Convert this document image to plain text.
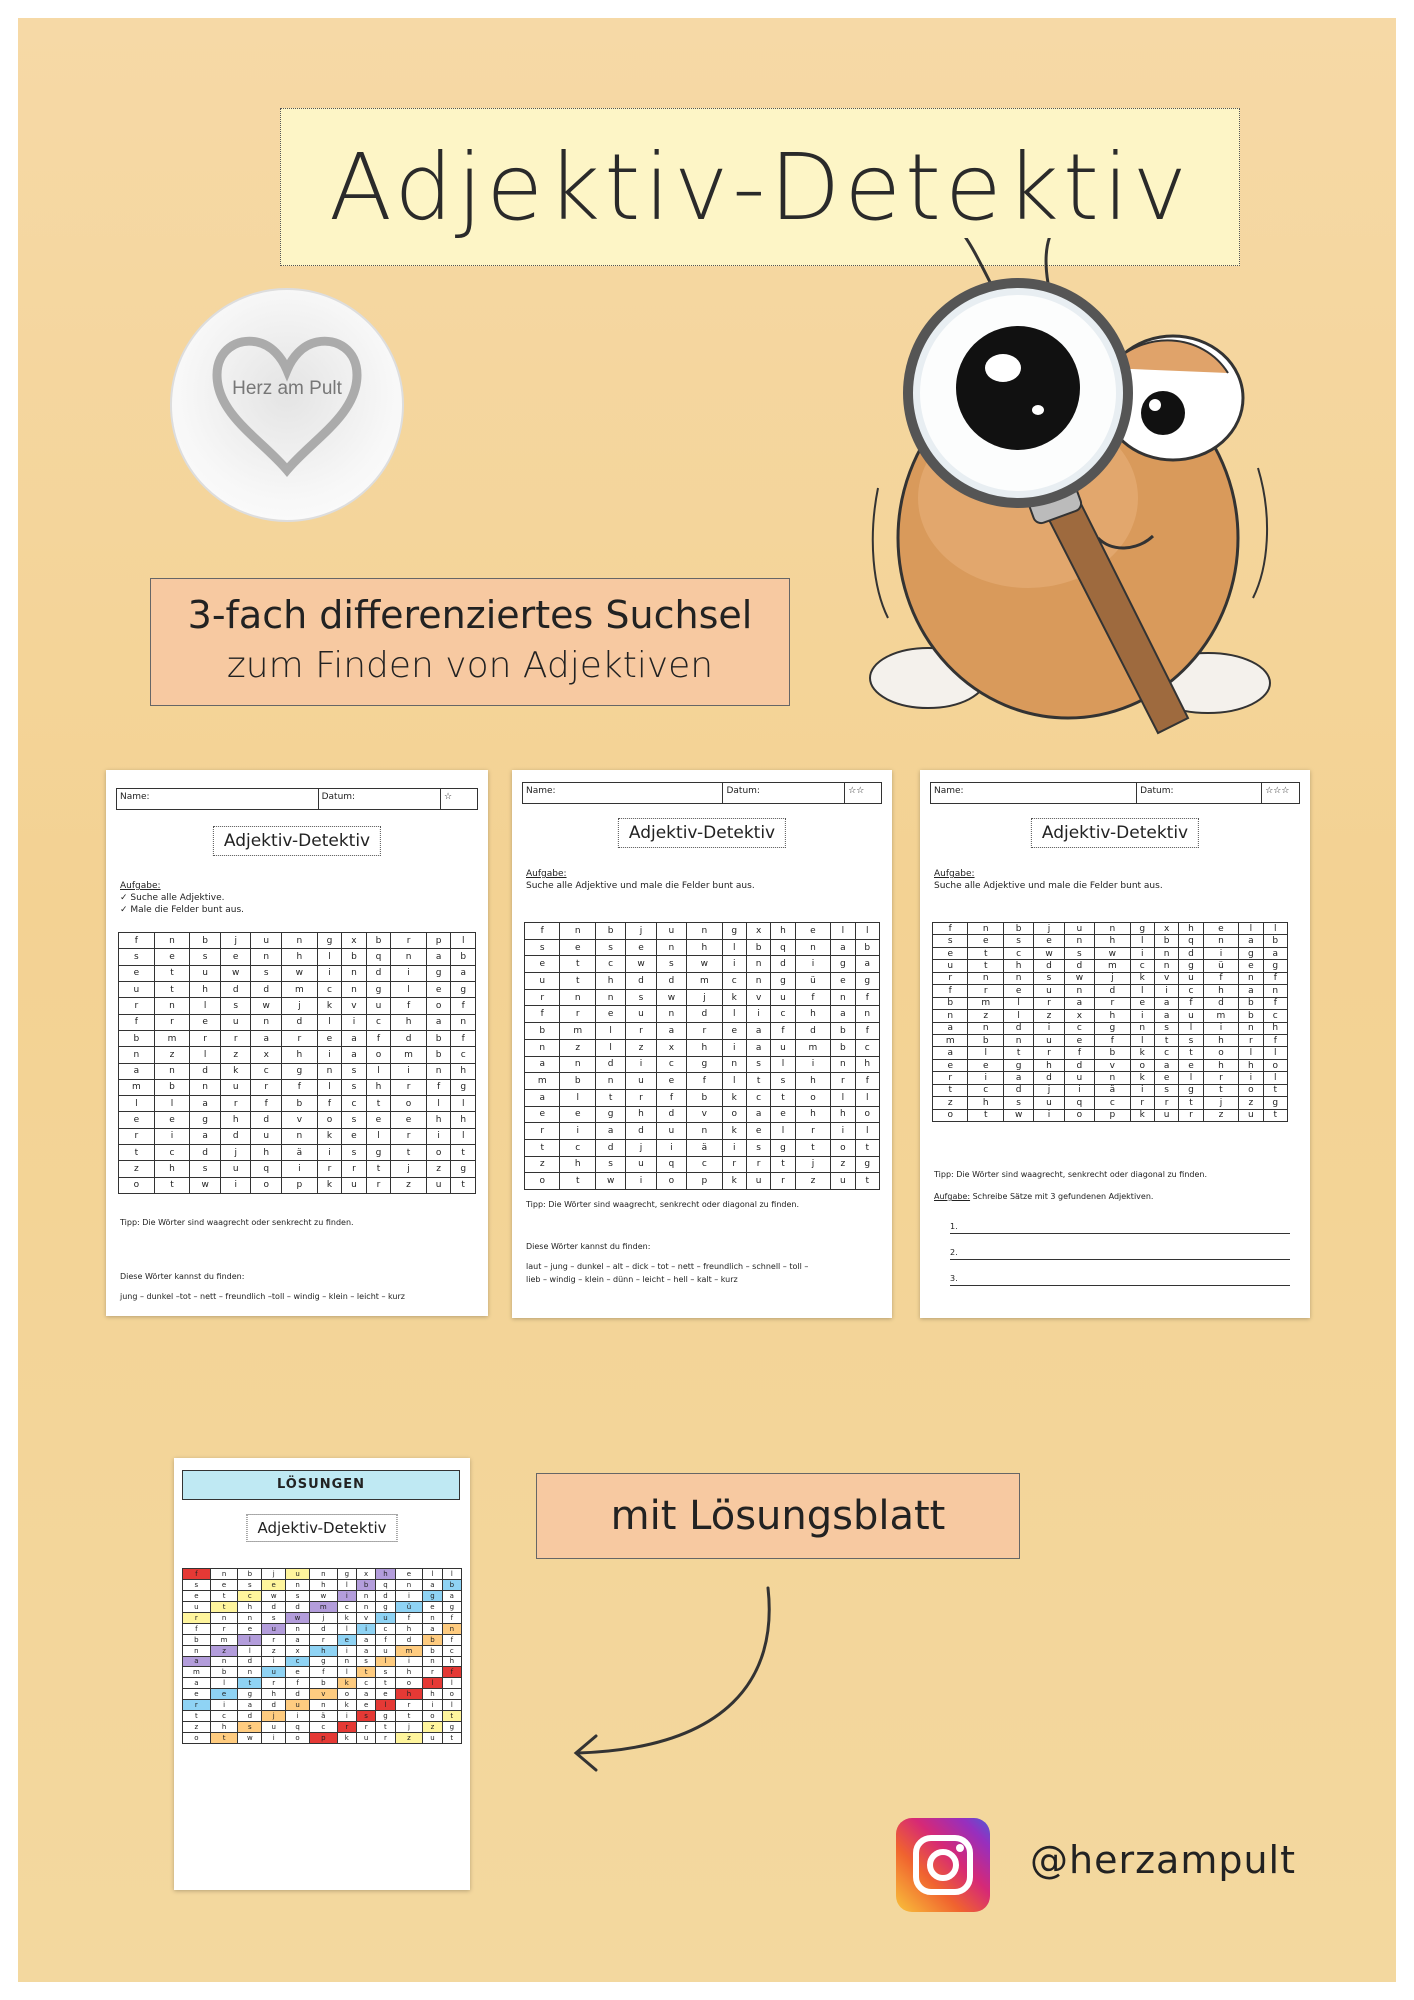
Adjektiv-Detektiv
Herz am Pult
3-fach differenziertes Suchsel
zum Finden von Adjektiven
Name:	Datum:	☆
Adjektiv-Detektiv
Aufgabe:
✓ Suche alle Adjektive.
✓ Male die Felder bunt aus.
f	n	b	j	u	n	g	x	b	r	p	l
s	e	s	e	n	h	l	b	q	n	a	b
e	t	u	w	s	w	i	n	d	i	g	a
u	t	h	d	d	m	c	n	g	l	e	g
r	n	l	s	w	j	k	v	u	f	o	f
f	r	e	u	n	d	l	i	c	h	a	n
b	m	r	r	a	r	e	a	f	d	b	f
n	z	l	z	x	h	i	a	o	m	b	c
a	n	d	k	c	g	n	s	l	i	n	h
m	b	n	u	r	f	l	s	h	r	f	g
l	l	a	r	f	b	f	c	t	o	l	l
e	e	g	h	d	v	o	s	e	e	h	h
r	i	a	d	u	n	k	e	l	r	i	l
t	c	d	j	h	ä	i	s	g	t	o	t
z	h	s	u	q	i	r	r	t	j	z	g
o	t	w	i	o	p	k	u	r	z	u	t
Tipp: Die Wörter sind waagrecht oder senkrecht zu finden.
Diese Wörter kannst du finden:
jung – dunkel –tot – nett – freundlich –toll – windig – klein – leicht – kurz
Name:	Datum:	☆☆
Adjektiv-Detektiv
Aufgabe:
Suche alle Adjektive und male die Felder bunt aus.
f	n	b	j	u	n	g	x	h	e	l	l
s	e	s	e	n	h	l	b	q	n	a	b
e	t	c	w	s	w	i	n	d	i	g	a
u	t	h	d	d	m	c	n	g	ü	e	g
r	n	n	s	w	j	k	v	u	f	n	f
f	r	e	u	n	d	l	i	c	h	a	n
b	m	l	r	a	r	e	a	f	d	b	f
n	z	l	z	x	h	i	a	u	m	b	c
a	n	d	i	c	g	n	s	l	i	n	h
m	b	n	u	e	f	l	t	s	h	r	f
a	l	t	r	f	b	k	c	t	o	l	l
e	e	g	h	d	v	o	a	e	h	h	o
r	i	a	d	u	n	k	e	l	r	i	l
t	c	d	j	i	ä	i	s	g	t	o	t
z	h	s	u	q	c	r	r	t	j	z	g
o	t	w	i	o	p	k	u	r	z	u	t
Tipp: Die Wörter sind waagrecht, senkrecht oder diagonal zu finden.
Diese Wörter kannst du finden:
laut – jung – dunkel – alt – dick – tot – nett – freundlich – schnell – toll –
lieb – windig – klein – dünn – leicht – hell – kalt – kurz
Name:	Datum:	☆☆☆
Adjektiv-Detektiv
Aufgabe:
Suche alle Adjektive und male die Felder bunt aus.
f	n	b	j	u	n	g	x	h	e	l	l
s	e	s	e	n	h	l	b	q	n	a	b
e	t	c	w	s	w	i	n	d	i	g	a
u	t	h	d	d	m	c	n	g	ü	e	g
r	n	n	s	w	j	k	v	u	f	n	f
f	r	e	u	n	d	l	i	c	h	a	n
b	m	l	r	a	r	e	a	f	d	b	f
n	z	l	z	x	h	i	a	u	m	b	c
a	n	d	i	c	g	n	s	l	i	n	h
m	b	n	u	e	f	l	t	s	h	r	f
a	l	t	r	f	b	k	c	t	o	l	l
e	e	g	h	d	v	o	a	e	h	h	o
r	i	a	d	u	n	k	e	l	r	i	l
t	c	d	j	i	ä	i	s	g	t	o	t
z	h	s	u	q	c	r	r	t	j	z	g
o	t	w	i	o	p	k	u	r	z	u	t
Tipp: Die Wörter sind waagrecht, senkrecht oder diagonal zu finden.
Aufgabe: Schreibe Sätze mit 3 gefundenen Adjektiven.
1.
2.
3.
LÖSUNGEN
Adjektiv-Detektiv
f	n	b	j	u	n	g	x	h	e	l	l
s	e	s	e	n	h	l	b	q	n	a	b
e	t	c	w	s	w	i	n	d	i	g	a
u	t	h	d	d	m	c	n	g	ü	e	g
r	n	n	s	w	j	k	v	u	f	n	f
f	r	e	u	n	d	l	i	c	h	a	n
b	m	l	r	a	r	e	a	f	d	b	f
n	z	l	z	x	h	i	a	u	m	b	c
a	n	d	i	c	g	n	s	l	i	n	h
m	b	n	u	e	f	l	t	s	h	r	f
a	l	t	r	f	b	k	c	t	o	l	l
e	e	g	h	d	v	o	a	e	h	h	o
r	i	a	d	u	n	k	e	l	r	i	l
t	c	d	j	i	ä	i	s	g	t	o	t
z	h	s	u	q	c	r	r	t	j	z	g
o	t	w	i	o	p	k	u	r	z	u	t
mit Lösungsblatt
@herzampult
